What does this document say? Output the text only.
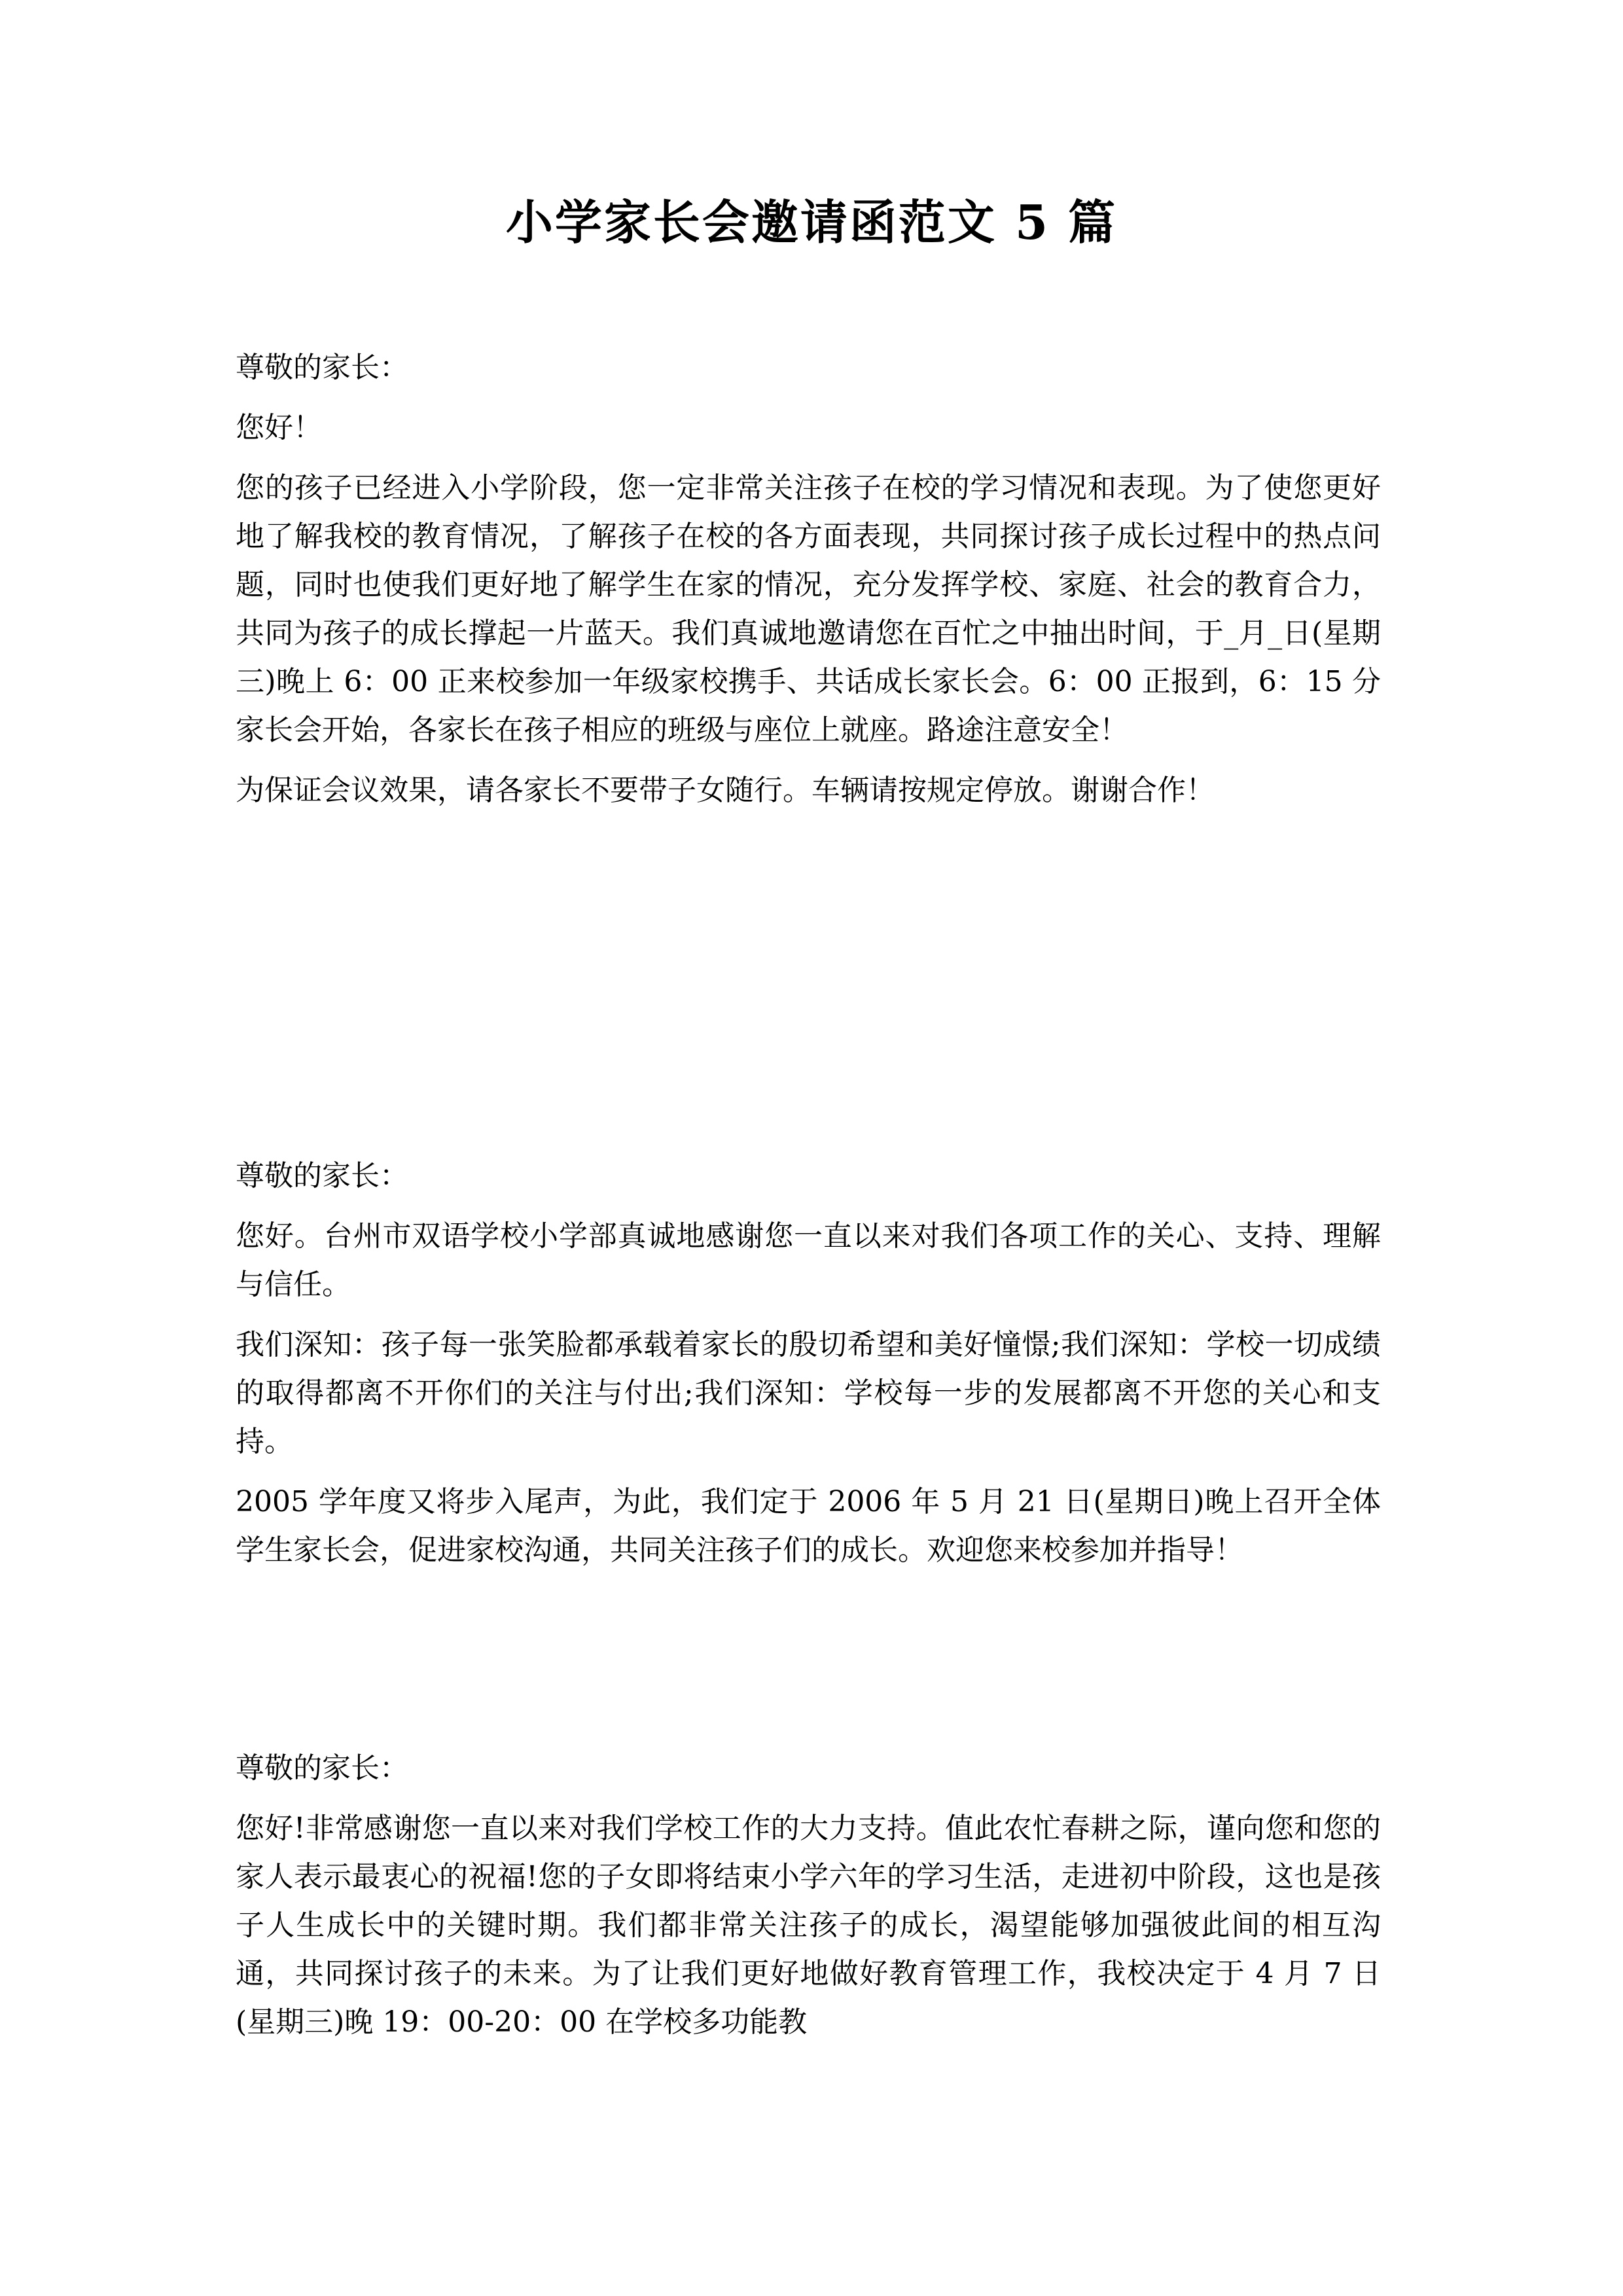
小学家长会邀请函范文 5 篇

尊敬的家长：

您好！

您的孩子已经进入小学阶段，您一定非常关注孩子在校的学习情况和表现。为了使您更好地了解我校的教育情况，了解孩子在校的各方面表现，共同探讨孩子成长过程中的热点问题，同时也使我们更好地了解学生在家的情况，充分发挥学校、家庭、社会的教育合力，共同为孩子的成长撑起一片蓝天。我们真诚地邀请您在百忙之中抽出时间，于_月_日(星期三)晚上 6：00 正来校参加一年级家校携手、共话成长家长会。6：00 正报到，6：15 分家长会开始，各家长在孩子相应的班级与座位上就座。路途注意安全！

为保证会议效果，请各家长不要带子女随行。车辆请按规定停放。谢谢合作！

尊敬的家长：

您好。台州市双语学校小学部真诚地感谢您一直以来对我们各项工作的关心、支持、理解与信任。

我们深知：孩子每一张笑脸都承载着家长的殷切希望和美好憧憬;我们深知：学校一切成绩的取得都离不开你们的关注与付出;我们深知：学校每一步的发展都离不开您的关心和支持。

2005 学年度又将步入尾声，为此，我们定于 2006 年 5 月 21 日(星期日)晚上召开全体学生家长会，促进家校沟通，共同关注孩子们的成长。欢迎您来校参加并指导！

尊敬的家长：

您好!非常感谢您一直以来对我们学校工作的大力支持。值此农忙春耕之际，谨向您和您的家人表示最衷心的祝福!您的子女即将结束小学六年的学习生活，走进初中阶段，这也是孩子人生成长中的关键时期。我们都非常关注孩子的成长，渴望能够加强彼此间的相互沟通，共同探讨孩子的未来。为了让我们更好地做好教育管理工作，我校决定于 4 月 7 日(星期三)晚 19：00-20：00 在学校多功能教
